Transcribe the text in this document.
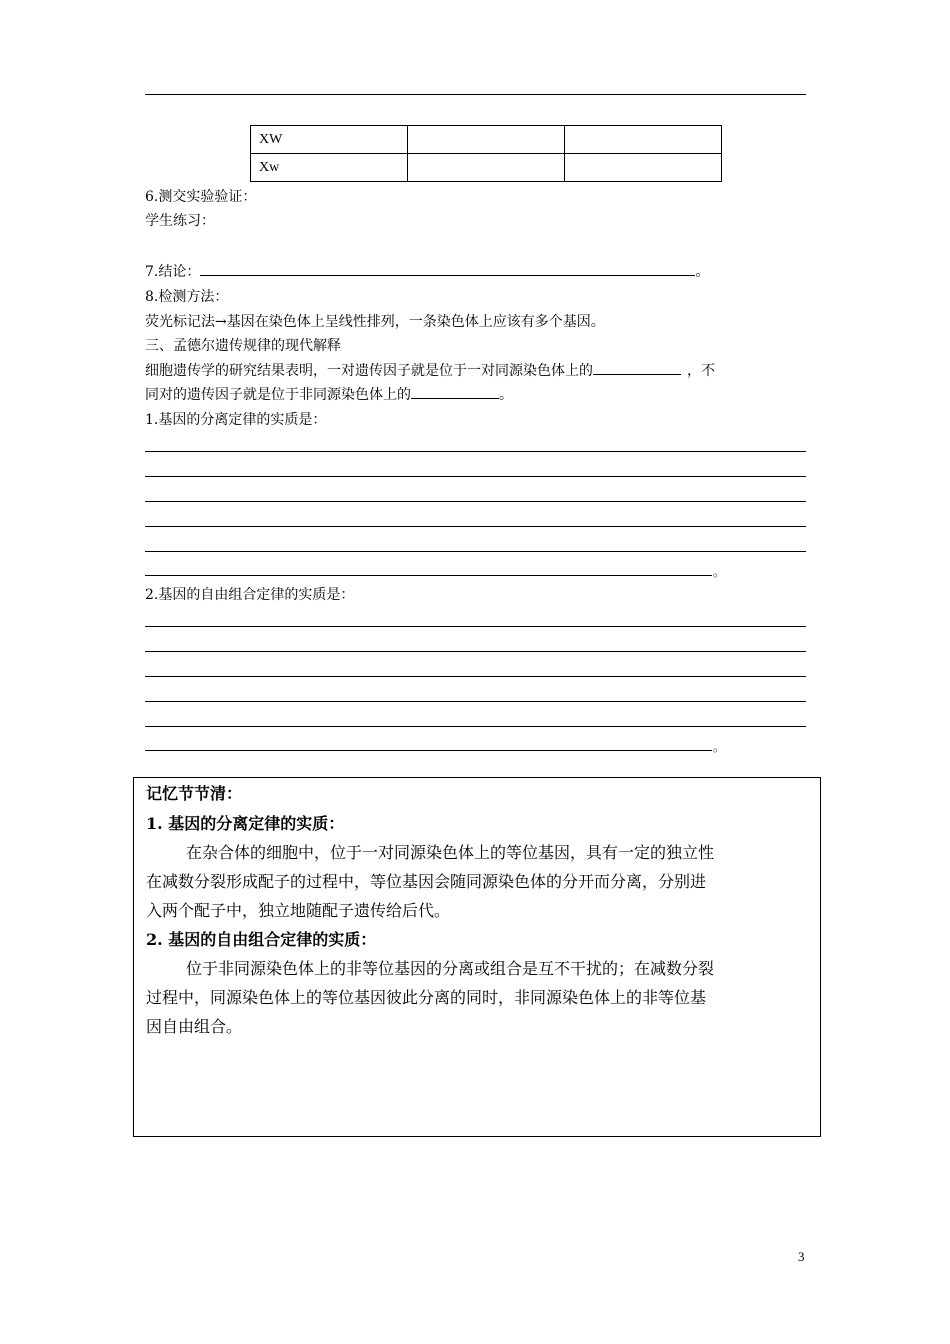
XW		
Xw		
6.测交实验验证：
学生练习：
7.结论：	。
8.检测方法：
荧光标记法→基因在染色体上呈线性排列，一条染色体上应该有多个基因。
三、孟德尔遗传规律的现代解释
细胞遗传学的研究结果表明，一对遗传因子就是位于一对同源染色体上的	，不
同对的遗传因子就是位于非同源染色体上的	。
1.基因的分离定律的实质是：
。
2.基因的自由组合定律的实质是：
。
记忆节节清：
1. 基因的分离定律的实质：
在杂合体的细胞中，位于一对同源染色体上的等位基因，具有一定的独立性
在减数分裂形成配子的过程中，等位基因会随同源染色体的分开而分离，分别进
入两个配子中，独立地随配子遗传给后代。
2. 基因的自由组合定律的实质：
位于非同源染色体上的非等位基因的分离或组合是互不干扰的；在减数分裂
过程中，同源染色体上的等位基因彼此分离的同时，非同源染色体上的非等位基
因自由组合。
3
